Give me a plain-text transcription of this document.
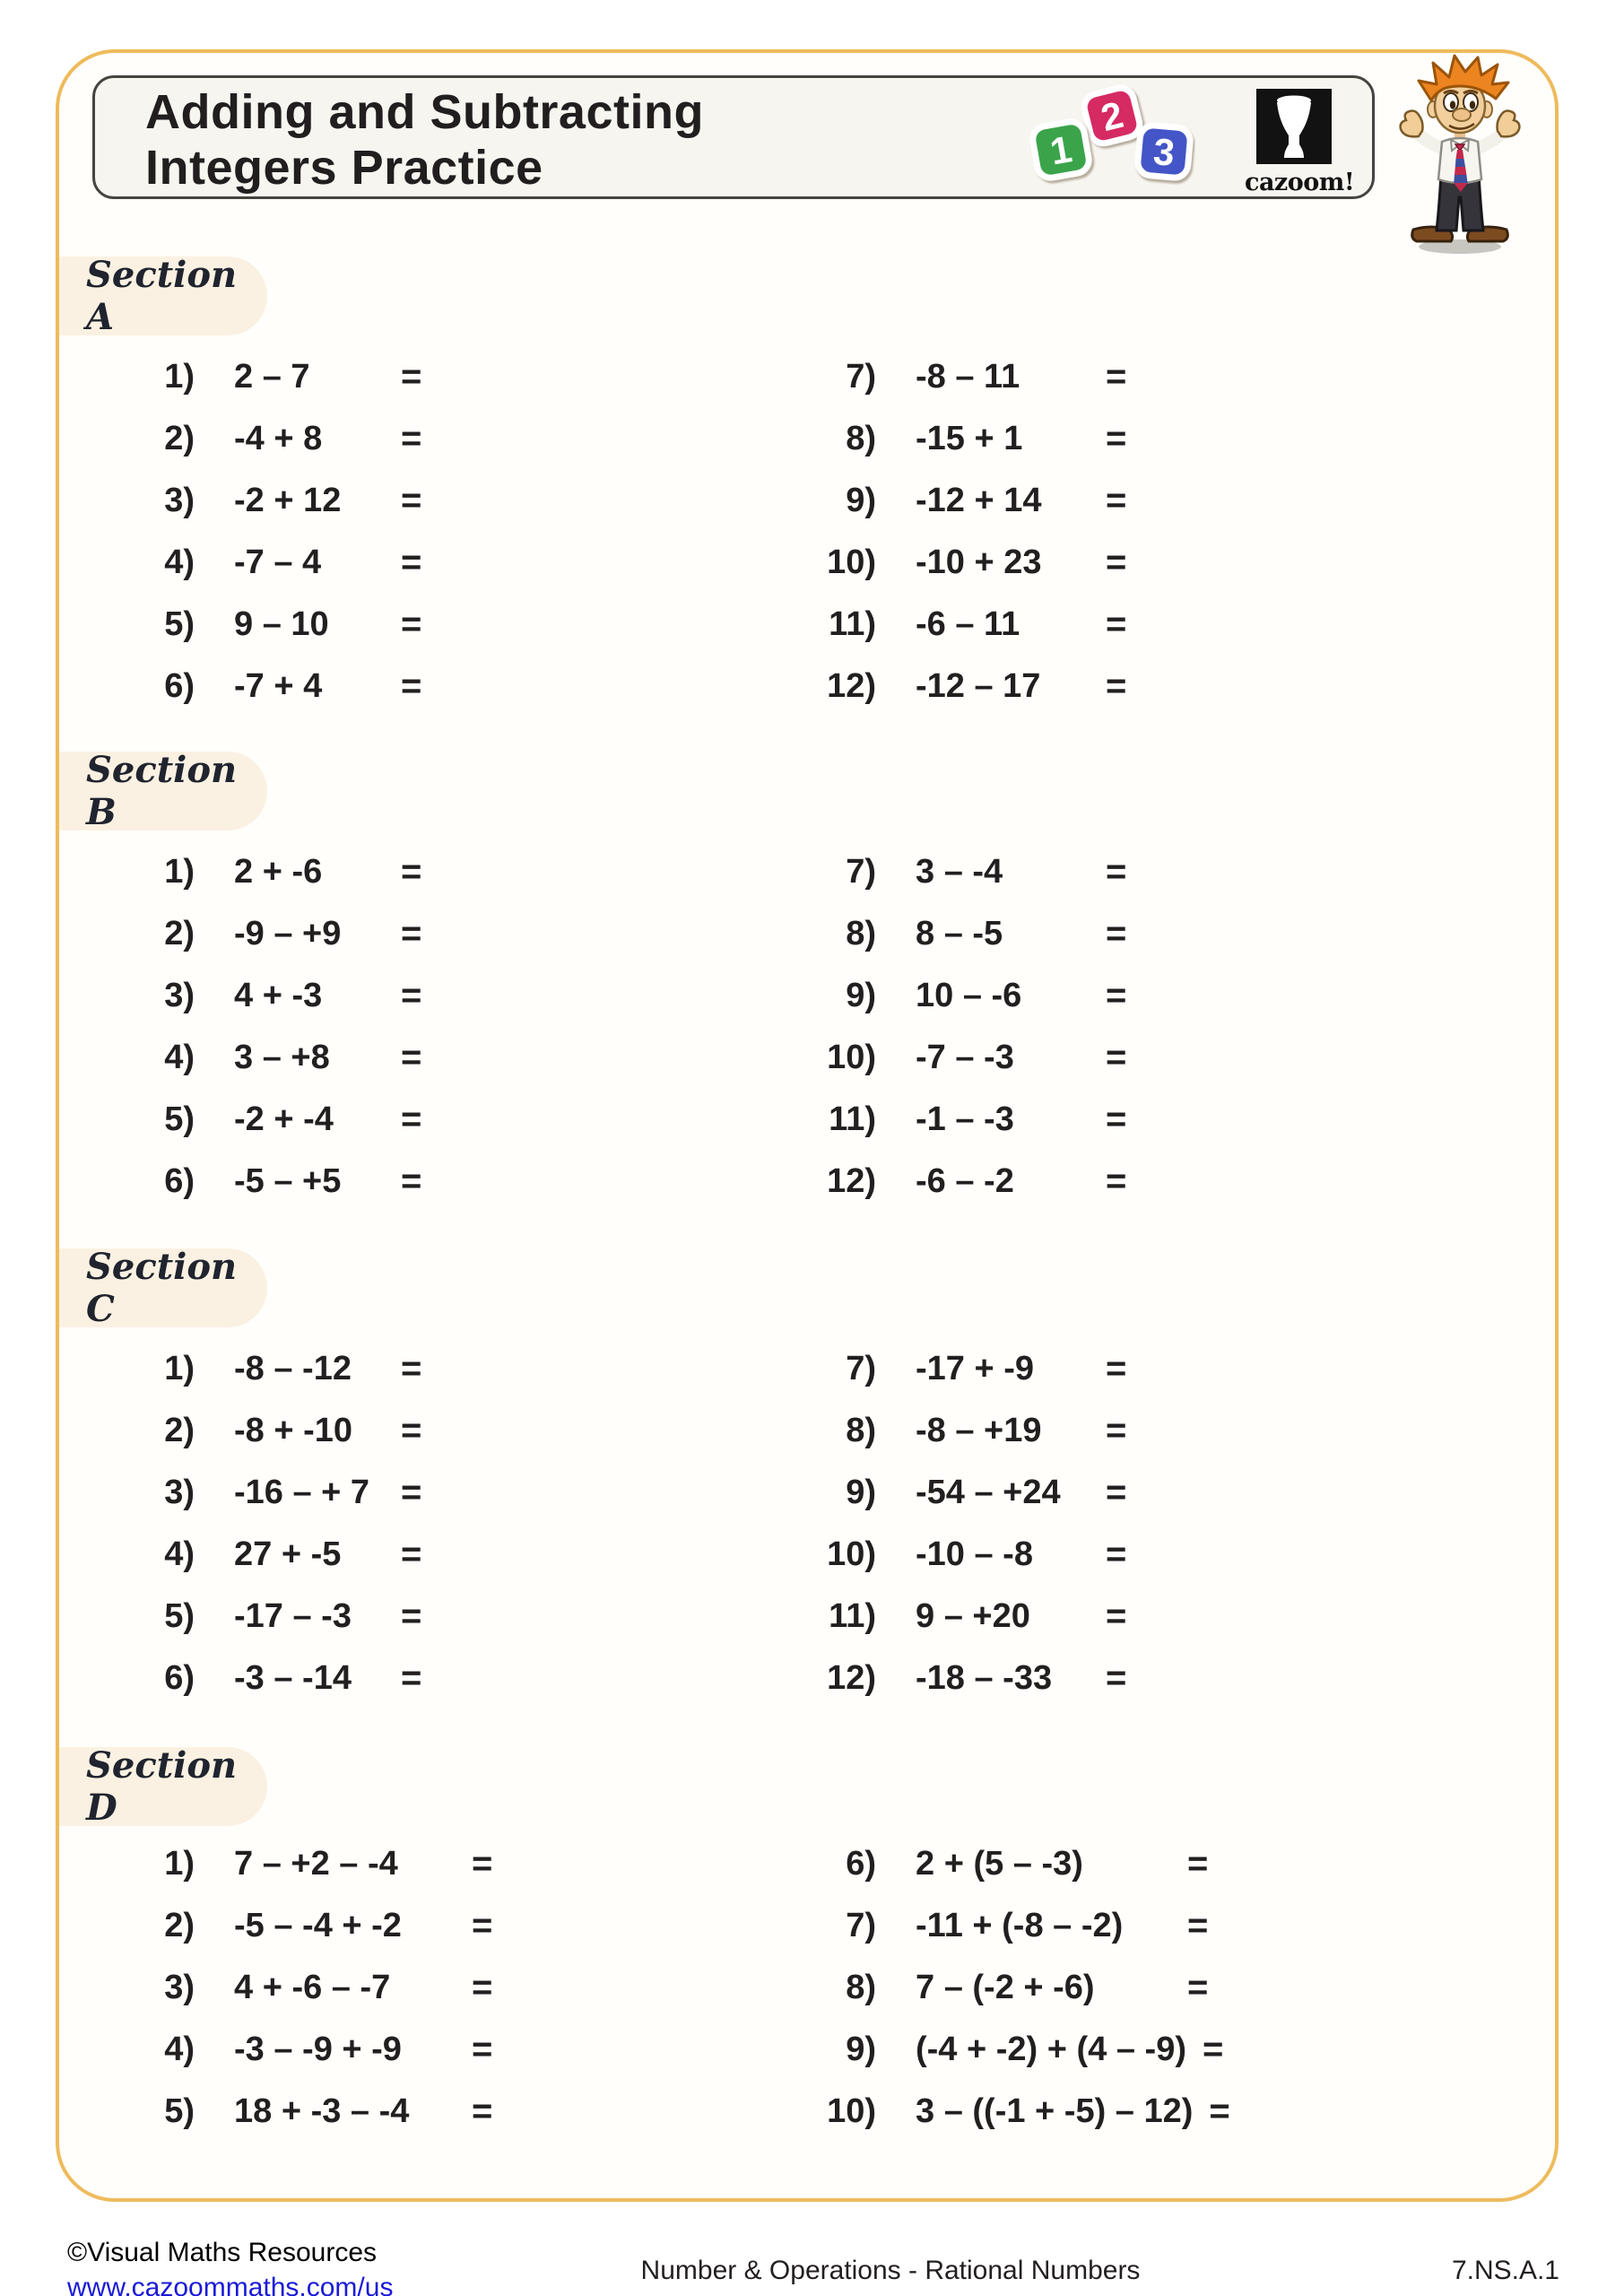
Adding and Subtracting
Integers Practice
2
1 3
cazoom!
Section A
1) 2 – 7	=
2) -4 + 8	=
3) -2 + 12	=
4) -7 – 4	=
5) 9 – 10	=
6) -7 + 4	=
7) -8 – 11	=
8) -15 + 1	=
9) -12 + 14	=
10) -10 + 23	=
11) -6 – 11	=
12) -12 – 17	=
Section B
1) 2 + -6	=
2) -9 – +9	=
3) 4 + -3	=
4) 3 – +8	=
5) -2 + -4	=
6) -5 – +5	=
7) 3 – -4	=
8) 8 – -5	=
9) 10 – -6	=
10) -7 – -3	=
11) -1 – -3	=
12) -6 – -2	=
Section C
1) -8 – -12	=
2) -8 + -10	=
3) -16 – + 7 =
4) 27 + -5	=
5) -17 – -3	=
6) -3 – -14	=
7) -17 + -9	=
8) -8 – +19	=
9) -54 – +24	=
10) -10 – -8	=
11) 9 – +20	=
12) -18 – -33	=
Section D
1) 7 – +2 – -4	=
2) -5 – -4 + -2	=
3) 4 + -6 – -7	=
4) -3 – -9 + -9	=
5) 18 + -3 – -4	=
6) 2 + (5 – -3)	=
7) -11 + (-8 – -2)	=
8) 7 – (-2 + -6)	=
9) (-4 + -2) + (4 – -9) =
10) 3 – ((-1 + -5) – 12) =
©Visual Maths Resources
www.cazoommaths.com/us
Number & Operations - Rational Numbers	7.NS.A.1
